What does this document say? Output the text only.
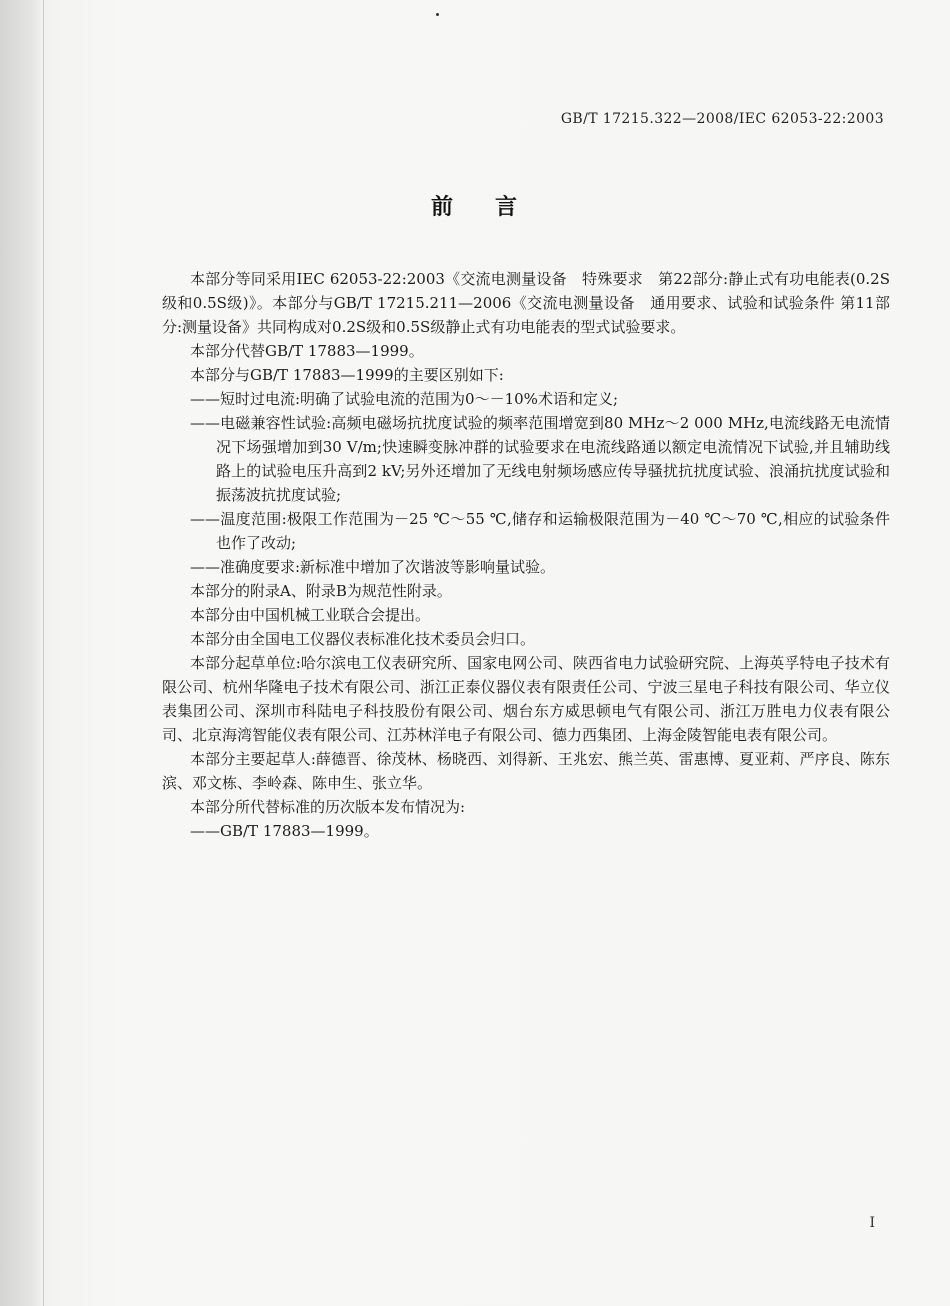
GB/T 17215.322—2008/IEC 62053-22:2003
前 言

本部分等同采用IEC 62053-22:2003《交流电测量设备　特殊要求　第22部分:静止式有功电能表(0.2S级和0.5S级)》。本部分与GB/T 17215.211—2006《交流电测量设备　通用要求、试验和试验条件 第11部分:测量设备》共同构成对0.2S级和0.5S级静止式有功电能表的型式试验要求。

本部分代替GB/T 17883—1999。

本部分与GB/T 17883—1999的主要区别如下:

——短时过电流:明确了试验电流的范围为0～－10%术语和定义;

——电磁兼容性试验:高频电磁场抗扰度试验的频率范围增宽到80 MHz～2 000 MHz,电流线路无电流情况下场强增加到30 V/m;快速瞬变脉冲群的试验要求在电流线路通以额定电流情况下试验,并且辅助线路上的试验电压升高到2 kV;另外还增加了无线电射频场感应传导骚扰抗扰度试验、浪涌抗扰度试验和振荡波抗扰度试验;

——温度范围:极限工作范围为－25 ℃～55 ℃,储存和运输极限范围为－40 ℃～70 ℃,相应的试验条件也作了改动;

——准确度要求:新标准中增加了次谐波等影响量试验。

本部分的附录A、附录B为规范性附录。

本部分由中国机械工业联合会提出。

本部分由全国电工仪器仪表标准化技术委员会归口。

本部分起草单位:哈尔滨电工仪表研究所、国家电网公司、陕西省电力试验研究院、上海英孚特电子技术有限公司、杭州华隆电子技术有限公司、浙江正泰仪器仪表有限责任公司、宁波三星电子科技有限公司、华立仪表集团公司、深圳市科陆电子科技股份有限公司、烟台东方威思顿电气有限公司、浙江万胜电力仪表有限公司、北京海湾智能仪表有限公司、江苏林洋电子有限公司、德力西集团、上海金陵智能电表有限公司。

本部分主要起草人:薛德晋、徐茂林、杨晓西、刘得新、王兆宏、熊兰英、雷惠博、夏亚莉、严序良、陈东滨、邓文栋、李岭森、陈申生、张立华。

本部分所代替标准的历次版本发布情况为:

——GB/T 17883—1999。

I
